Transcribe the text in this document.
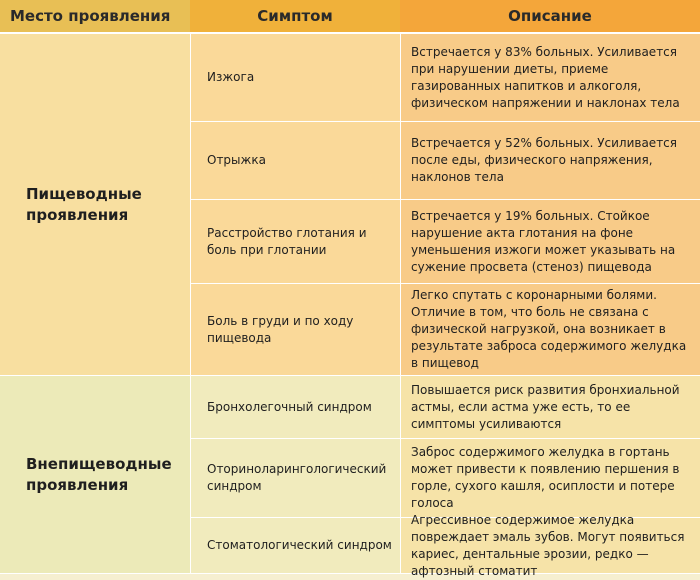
Место проявления	Симптом	Описание
Пищеводные проявления
Изжога
Встречается у 83% больных. Усиливается при нарушении диеты, приеме газированных напитков и алкоголя, физическом напряжении и наклонах тела
Отрыжка
Встречается у 52% больных. Усиливается после еды, физического напряжения, наклонов тела
Расстройство глотания и боль при глотании
Встречается у 19% больных. Стойкое нарушение акта глотания на фоне уменьшения изжоги может указывать на сужение просвета (стеноз) пищевода
Боль в груди и по ходу пищевода
Легко спутать с коронарными болями. Отличие в том, что боль не связана с физической нагрузкой, она возникает в результате заброса содержимого желудка в пищевод
Внепищеводные проявления
Бронхолегочный синдром
Повышается риск развития бронхиальной астмы, если астма уже есть, то ее симптомы усиливаются
Оториноларингологический синдром
Заброс содержимого желудка в гортань может привести к появлению першения в горле, сухого кашля, осиплости и потере голоса
Стоматологический синдром
Агрессивное содержимое желудка повреждает эмаль зубов. Могут появиться кариес, дентальные эрозии, редко — афтозный стоматит
